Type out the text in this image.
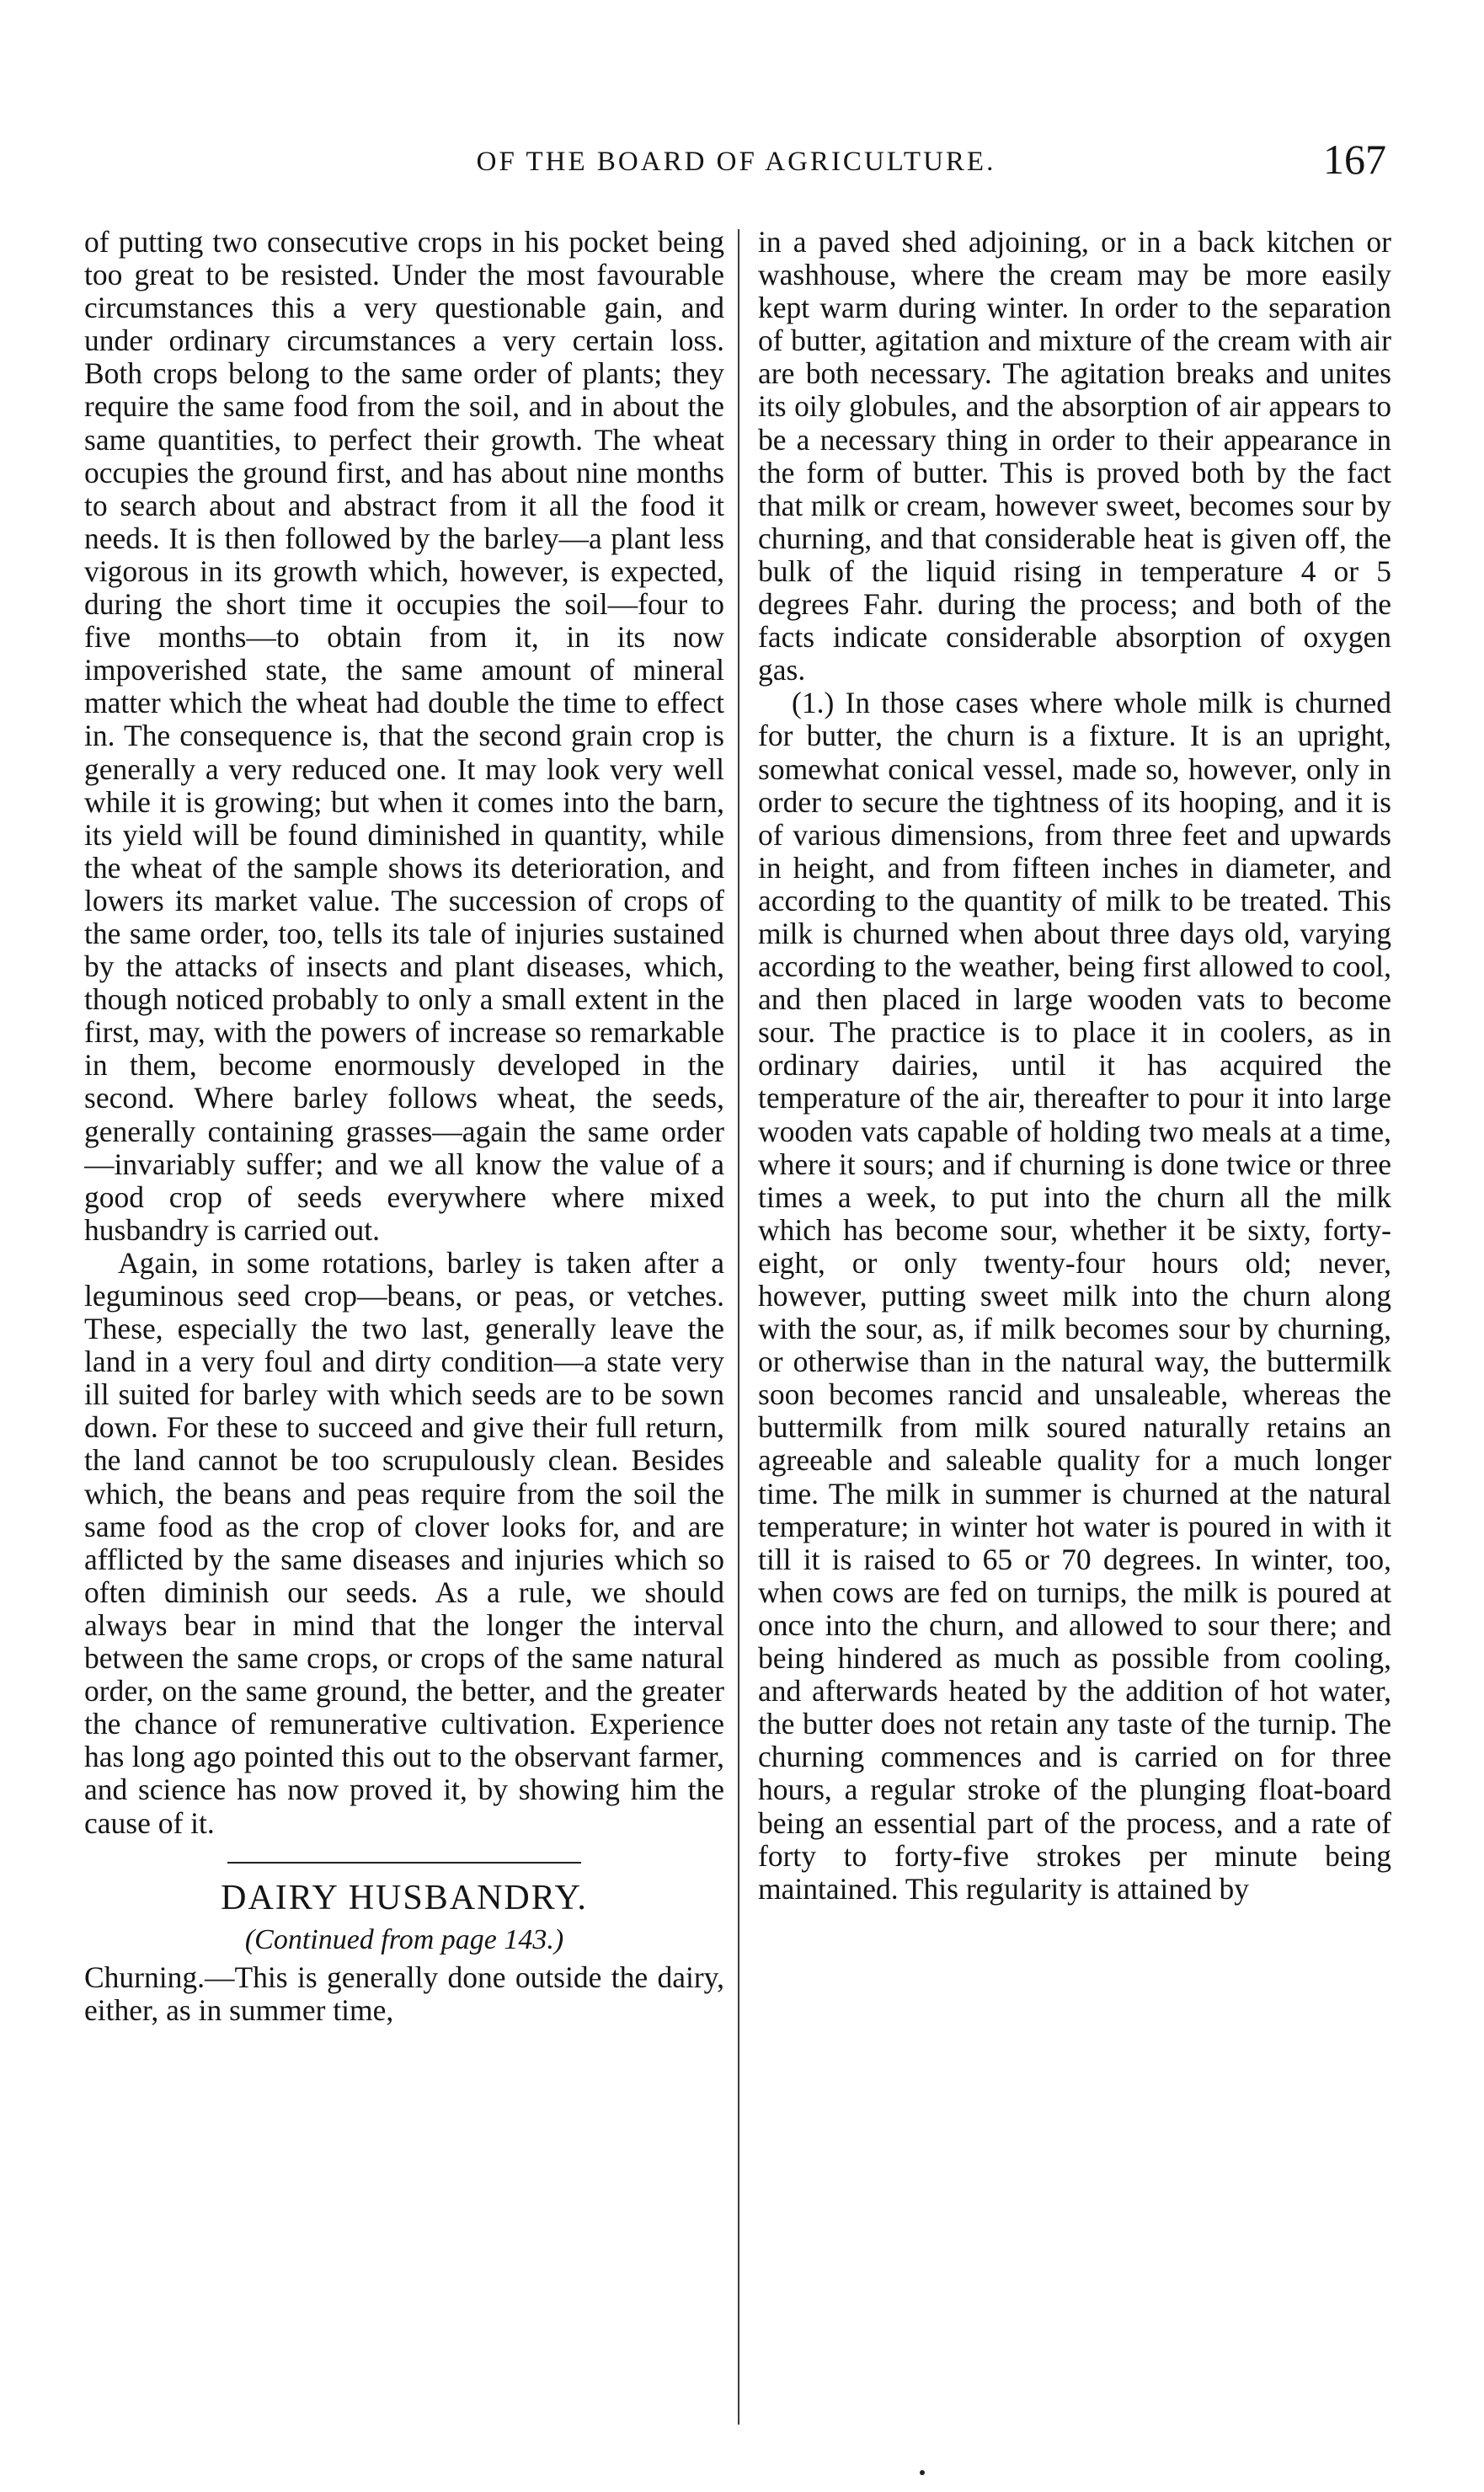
OF THE BOARD OF AGRICULTURE.	167

of putting two consecutive crops in his pocket being too great to be resisted. Under the most favourable circumstances this a very questionable gain, and under ordinary circumstances a very certain loss. Both crops belong to the same order of plants; they require the same food from the soil, and in about the same quantities, to perfect their growth. The wheat occupies the ground first, and has about nine months to search about and abstract from it all the food it needs. It is then followed by the barley—a plant less vigorous in its growth which, however, is expected, during the short time it occupies the soil—four to five months—to obtain from it, in its now impoverished state, the same amount of mineral matter which the wheat had double the time to effect in. The consequence is, that the second grain crop is generally a very reduced one. It may look very well while it is growing; but when it comes into the barn, its yield will be found diminished in quantity, while the wheat of the sample shows its deterioration, and lowers its market value. The succession of crops of the same order, too, tells its tale of injuries sustained by the attacks of insects and plant diseases, which, though noticed probably to only a small extent in the first, may, with the powers of increase so remarkable in them, become enormously developed in the second. Where barley follows wheat, the seeds, generally containing grasses—again the same order—invariably suffer; and we all know the value of a good crop of seeds everywhere where mixed husbandry is carried out.

Again, in some rotations, barley is taken after a leguminous seed crop—beans, or peas, or vetches. These, especially the two last, generally leave the land in a very foul and dirty condition—a state very ill suited for barley with which seeds are to be sown down. For these to succeed and give their full return, the land cannot be too scrupulously clean. Besides which, the beans and peas require from the soil the same food as the crop of clover looks for, and are afflicted by the same diseases and injuries which so often diminish our seeds. As a rule, we should always bear in mind that the longer the interval between the same crops, or crops of the same natural order, on the same ground, the better, and the greater the chance of remunerative cultivation. Experience has long ago pointed this out to the observant farmer, and science has now proved it, by showing him the cause of it.

DAIRY HUSBANDRY.
(Continued from page 143.)

Churning.—This is generally done outside the dairy, either, as in summer time,

in a paved shed adjoining, or in a back kitchen or washhouse, where the cream may be more easily kept warm during winter. In order to the separation of butter, agitation and mixture of the cream with air are both necessary. The agitation breaks and unites its oily globules, and the absorption of air appears to be a necessary thing in order to their appearance in the form of butter. This is proved both by the fact that milk or cream, however sweet, becomes sour by churning, and that considerable heat is given off, the bulk of the liquid rising in temperature 4 or 5 degrees Fahr. during the process; and both of the facts indicate considerable absorption of oxygen gas.

(1.) In those cases where whole milk is churned for butter, the churn is a fixture. It is an upright, somewhat conical vessel, made so, however, only in order to secure the tightness of its hooping, and it is of various dimensions, from three feet and upwards in height, and from fifteen inches in diameter, and according to the quantity of milk to be treated. This milk is churned when about three days old, varying according to the weather, being first allowed to cool, and then placed in large wooden vats to become sour. The practice is to place it in coolers, as in ordinary dairies, until it has acquired the temperature of the air, thereafter to pour it into large wooden vats capable of holding two meals at a time, where it sours; and if churning is done twice or three times a week, to put into the churn all the milk which has become sour, whether it be sixty, forty-eight, or only twenty-four hours old; never, however, putting sweet milk into the churn along with the sour, as, if milk becomes sour by churning, or otherwise than in the natural way, the buttermilk soon becomes rancid and unsaleable, whereas the buttermilk from milk soured naturally retains an agreeable and saleable quality for a much longer time. The milk in summer is churned at the natural temperature; in winter hot water is poured in with it till it is raised to 65 or 70 degrees. In winter, too, when cows are fed on turnips, the milk is poured at once into the churn, and allowed to sour there; and being hindered as much as possible from cooling, and afterwards heated by the addition of hot water, the butter does not retain any taste of the turnip. The churning commences and is carried on for three hours, a regular stroke of the plunging float-board being an essential part of the process, and a rate of forty to forty-five strokes per minute being maintained. This regularity is attained by
